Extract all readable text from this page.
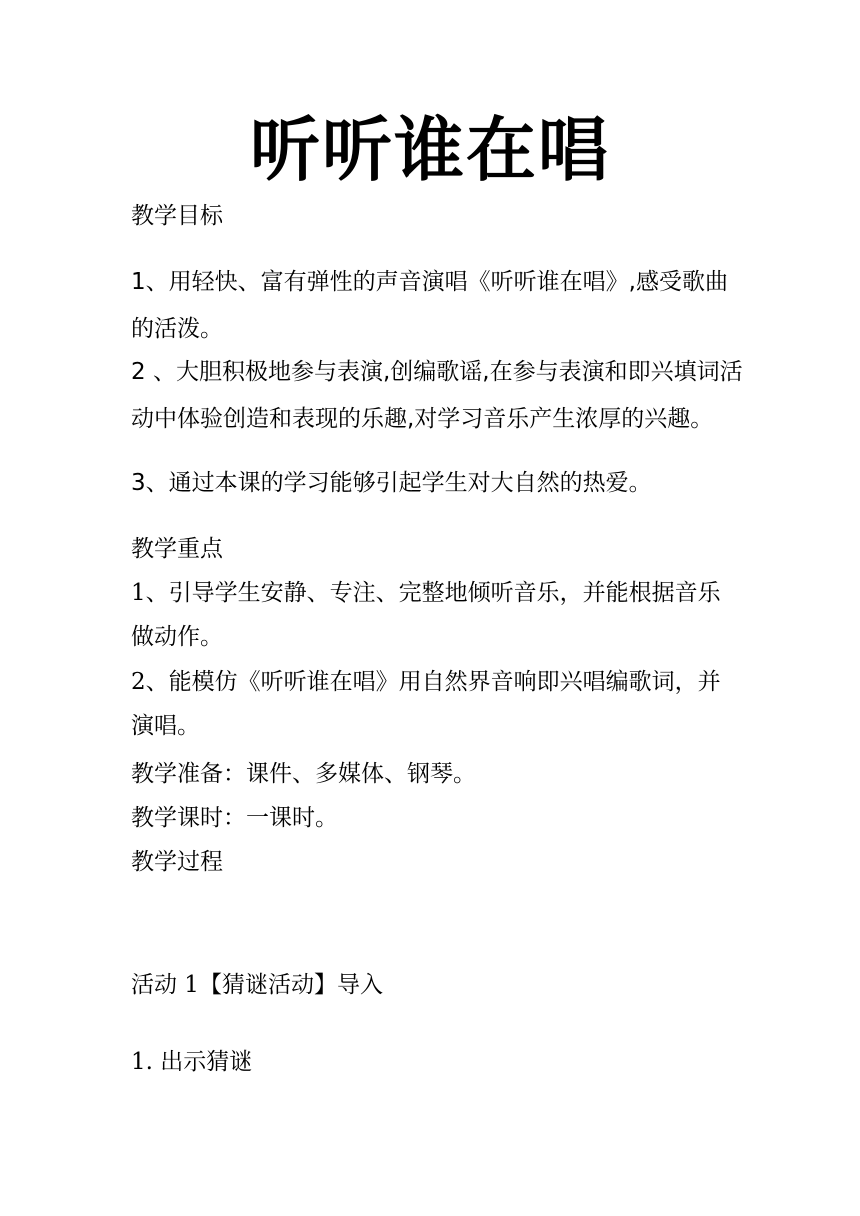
听听谁在唱
教学目标
1、用轻快、富有弹性的声音演唱《听听谁在唱》,感受歌曲
的活泼。
2 、大胆积极地参与表演,创编歌谣,在参与表演和即兴填词活
动中体验创造和表现的乐趣,对学习音乐产生浓厚的兴趣。
3、通过本课的学习能够引起学生对大自然的热爱。
教学重点
1、引导学生安静、专注、完整地倾听音乐，并能根据音乐
做动作。
2、能模仿《听听谁在唱》用自然界音响即兴唱编歌词，并
演唱。
教学准备：课件、多媒体、钢琴。
教学课时：一课时。
教学过程
活动 1【猜谜活动】导入
1. 出示猜谜
